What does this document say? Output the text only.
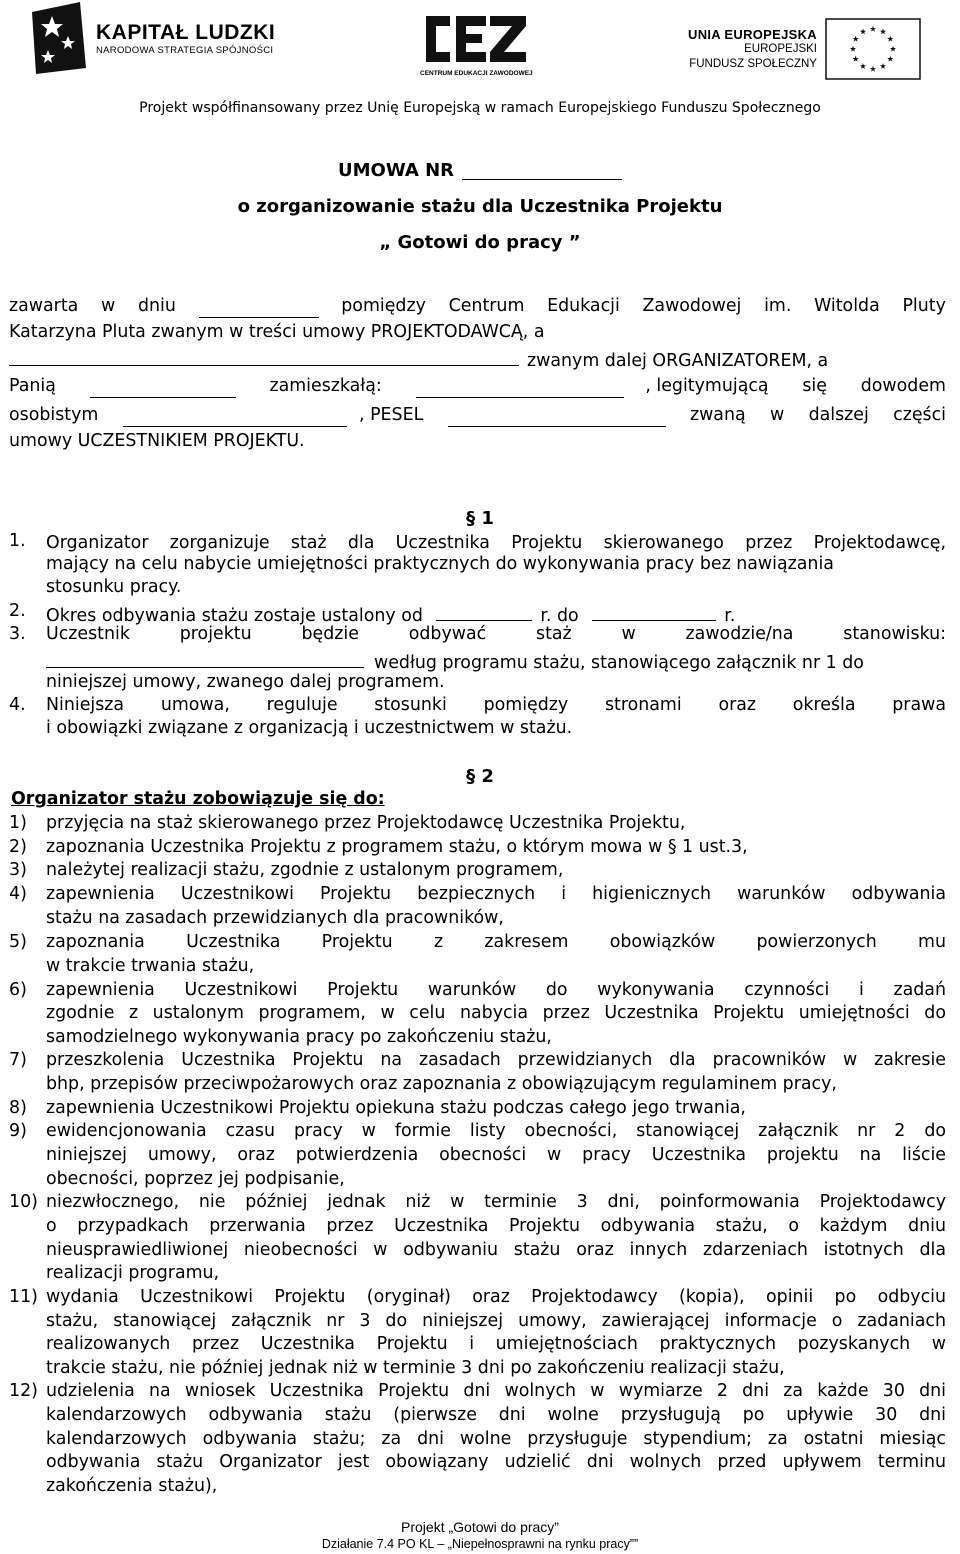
KAPITAŁ LUDZKI
NARODOWA STRATEGIA SPÓJNOŚCI
CENTRUM EDUKACJI ZAWODOWEJ
UNIA EUROPEJSKA
EUROPEJSKI
FUNDUSZ SPOŁECZNY
Projekt współfinansowany przez Unię Europejską w ramach Europejskiego Funduszu Społecznego
UMOWA NR
o zorganizowanie stażu dla Uczestnika Projektu
„ Gotowi do pracy ”
zawarta w dniu	pomiędzy Centrum Edukacji Zawodowej im. Witolda Pluty
Katarzyna Pluta zwanym w treści umowy PROJEKTODAWCĄ, a
zwanym dalej ORGANIZATOREM, a
Panią	zamieszkałą:	, legitymującą się dowodem
osobistym	, PESEL	zwaną w dalszej części
umowy UCZESTNIKIEM PROJEKTU.
§ 1
1. Organizator zorganizuje staż dla Uczestnika Projektu skierowanego przez Projektodawcę,
mający na celu nabycie umiejętności praktycznych do wykonywania pracy bez nawiązania
stosunku pracy.
2. Okres odbywania stażu zostaje ustalony od	r. do	r.
3. Uczestnik projektu będzie odbywać staż w zawodzie/na stanowisku:
według programu stażu, stanowiącego załącznik nr 1 do
niniejszej umowy, zwanego dalej programem.
4. Niniejsza umowa, reguluje stosunki pomiędzy stronami oraz określa prawa
i obowiązki związane z organizacją i uczestnictwem w stażu.
§ 2
Organizator stażu zobowiązuje się do:
1) przyjęcia na staż skierowanego przez Projektodawcę Uczestnika Projektu,
2) zapoznania Uczestnika Projektu z programem stażu, o którym mowa w § 1 ust.3,
3) należytej realizacji stażu, zgodnie z ustalonym programem,
4) zapewnienia Uczestnikowi Projektu bezpiecznych i higienicznych warunków odbywania
stażu na zasadach przewidzianych dla pracowników,
5) zapoznania Uczestnika Projektu z zakresem obowiązków powierzonych mu
w trakcie trwania stażu,
6) zapewnienia Uczestnikowi Projektu warunków do wykonywania czynności i zadań
zgodnie z ustalonym programem, w celu nabycia przez Uczestnika Projektu umiejętności do
samodzielnego wykonywania pracy po zakończeniu stażu,
7) przeszkolenia Uczestnika Projektu na zasadach przewidzianych dla pracowników w zakresie
bhp, przepisów przeciwpożarowych oraz zapoznania z obowiązującym regulaminem pracy,
8) zapewnienia Uczestnikowi Projektu opiekuna stażu podczas całego jego trwania,
9) ewidencjonowania czasu pracy w formie listy obecności, stanowiącej załącznik nr 2 do
niniejszej umowy, oraz potwierdzenia obecności w pracy Uczestnika projektu na liście
obecności, poprzez jej podpisanie,
10) niezwłocznego, nie później jednak niż w terminie 3 dni, poinformowania Projektodawcy
o przypadkach przerwania przez Uczestnika Projektu odbywania stażu, o każdym dniu
nieusprawiedliwionej nieobecności w odbywaniu stażu oraz innych zdarzeniach istotnych dla
realizacji programu,
11) wydania Uczestnikowi Projektu (oryginał) oraz Projektodawcy (kopia), opinii po odbyciu
stażu, stanowiącej załącznik nr 3 do niniejszej umowy, zawierającej informacje o zadaniach
realizowanych przez Uczestnika Projektu i umiejętnościach praktycznych pozyskanych w
trakcie stażu, nie później jednak niż w terminie 3 dni po zakończeniu realizacji stażu,
12) udzielenia na wniosek Uczestnika Projektu dni wolnych w wymiarze 2 dni za każde 30 dni
kalendarzowych odbywania stażu (pierwsze dni wolne przysługują po upływie 30 dni
kalendarzowych odbywania stażu; za dni wolne przysługuje stypendium; za ostatni miesiąc
odbywania stażu Organizator jest obowiązany udzielić dni wolnych przed upływem terminu
zakończenia stażu),
Projekt „Gotowi do pracy”
Działanie 7.4 PO KL – „Niepełnosprawni na rynku pracy””
